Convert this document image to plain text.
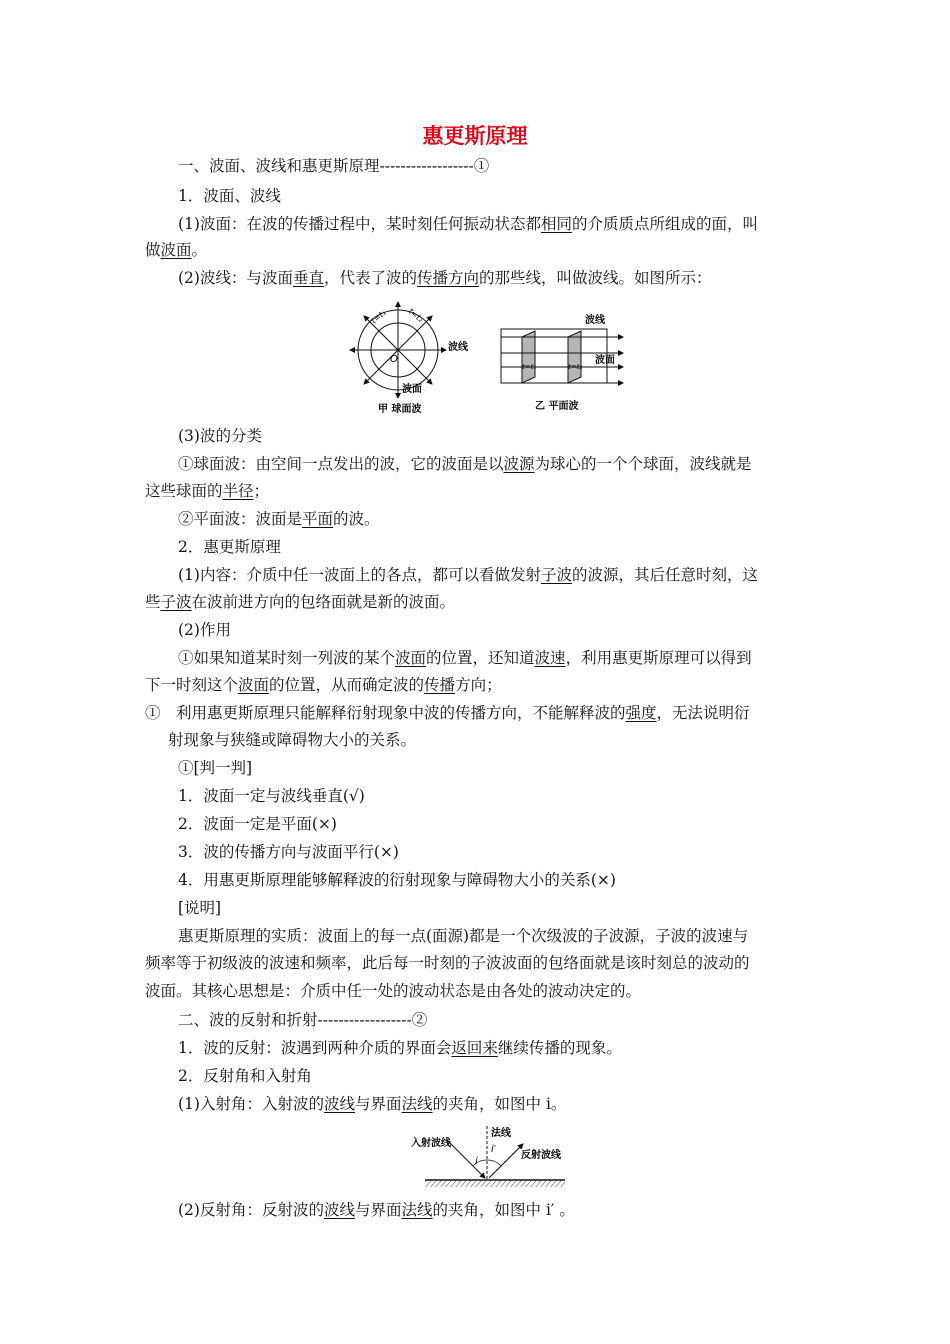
惠更斯原理
一、波面、波线和惠更斯原理------------------①
1．波面、波线
(1)波面：在波的传播过程中，某时刻任何振动状态都相同的介质质点所组成的面，叫
做波面。
(2)波线：与波面垂直，代表了波的传播方向的那些线，叫做波线。如图所示：
t=t₁ t=t₂
O
波线
波面
甲 球面波
波线
波面
t=t₁	t=t₂
乙 平面波
(3)波的分类
①球面波：由空间一点发出的波，它的波面是以波源为球心的一个个球面，波线就是
这些球面的半径；
②平面波：波面是平面的波。
2．惠更斯原理
(1)内容：介质中任一波面上的各点，都可以看做发射子波的波源，其后任意时刻，这
些子波在波前进方向的包络面就是新的波面。
(2)作用
①如果知道某时刻一列波的某个波面的位置，还知道波速，利用惠更斯原理可以得到
下一时刻这个波面的位置，从而确定波的传播方向；
①　利用惠更斯原理只能解释衍射现象中波的传播方向，不能解释波的强度，无法说明衍
射现象与狭缝或障碍物大小的关系。
①[判一判]
1．波面一定与波线垂直(√)
2．波面一定是平面(×)
3．波的传播方向与波面平行(×)
4．用惠更斯原理能够解释波的衍射现象与障碍物大小的关系(×)
[说明]
惠更斯原理的实质：波面上的每一点(面源)都是一个次级波的子波源，子波的波速与
频率等于初级波的波速和频率，此后每一时刻的子波波面的包络面就是该时刻总的波动的
波面。其核心思想是：介质中任一处的波动状态是由各处的波动决定的。
二、波的反射和折射------------------②
1．波的反射：波遇到两种介质的界面会返回来继续传播的现象。
2．反射角和入射角
(1)入射角：入射波的波线与界面法线的夹角，如图中 i。
入射波线
法线
反射波线
i
i′
(2)反射角：反射波的波线与界面法线的夹角，如图中 i′ 。
